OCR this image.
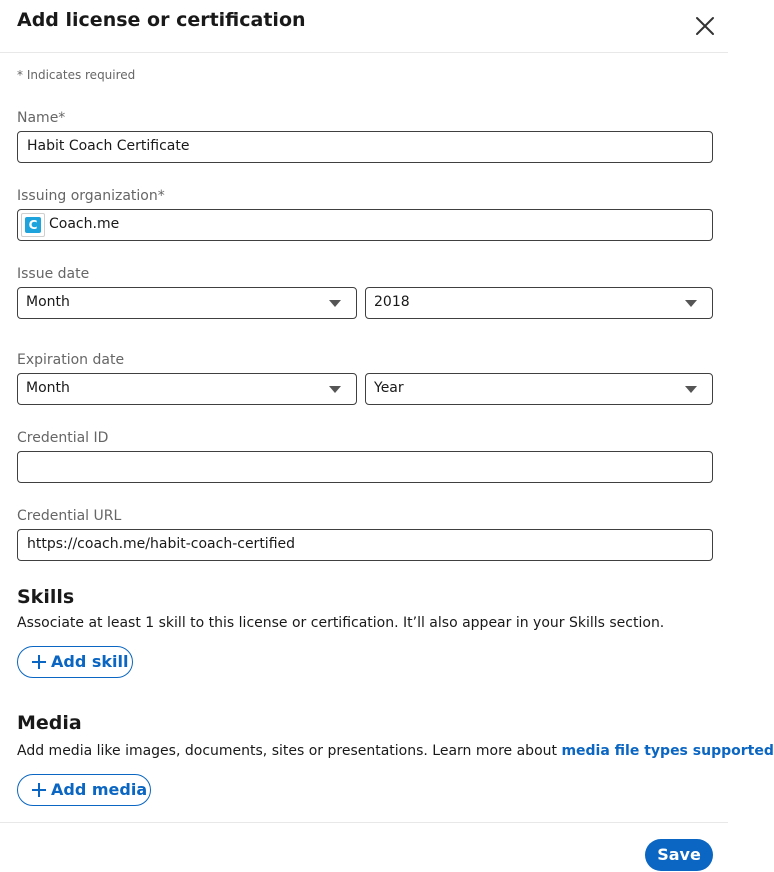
Add license or certification
* Indicates required
Name*
Habit Coach Certificate
Issuing organization*
C Coach.me
Issue date
Month	2018
Expiration date
Month	Year
Credential ID
Credential URL
https://coach.me/habit-coach-certified
Skills
Associate at least 1 skill to this license or certification. It’ll also appear in your Skills section.
Add skill
Media
Add media like images, documents, sites or presentations. Learn more about media file types supported
Add media
Save
